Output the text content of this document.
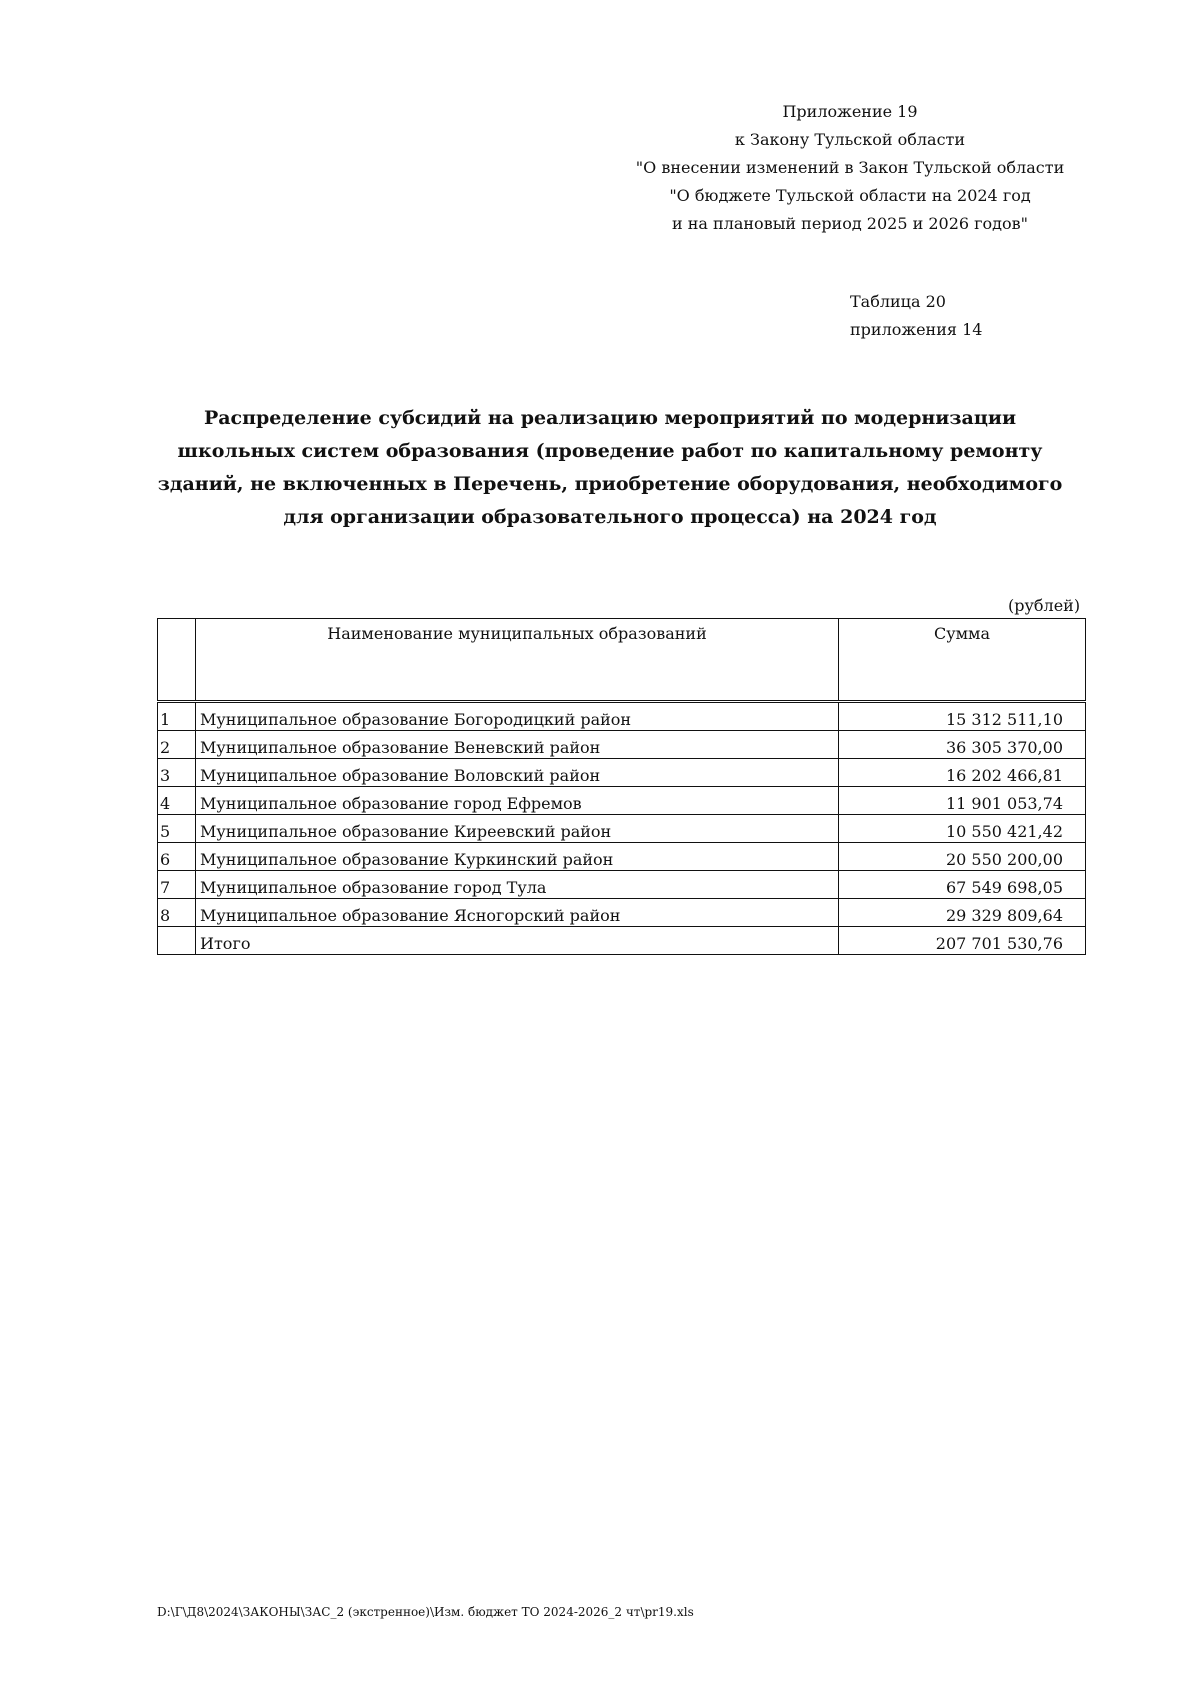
Приложение 19
к Закону Тульской области
"О внесении изменений в Закон Тульской области
"О бюджете Тульской области на 2024 год
и на плановый период 2025 и 2026 годов"
Таблица 20
приложения 14
Распределение субсидий на реализацию мероприятий по модернизации школьных систем образования (проведение работ по капитальному ремонту зданий, не включенных в Перечень, приобретение оборудования, необходимого для организации образовательного процесса) на 2024 год
(рублей)
	Наименование муниципальных образований	Сумма
1	Муниципальное образование Богородицкий район	15 312 511,10
2	Муниципальное образование Веневский район	36 305 370,00
3	Муниципальное образование Воловский район	16 202 466,81
4	Муниципальное образование город Ефремов	11 901 053,74
5	Муниципальное образование Киреевский район	10 550 421,42
6	Муниципальное образование Куркинский район	20 550 200,00
7	Муниципальное образование город Тула	67 549 698,05
8	Муниципальное образование Ясногорский район	29 329 809,64
	Итого	207 701 530,76
D:\Г\Д8\2024\ЗАКОНЫ\ЗАС_2 (экстренное)\Изм. бюджет ТО 2024-2026_2 чт\pr19.xls
